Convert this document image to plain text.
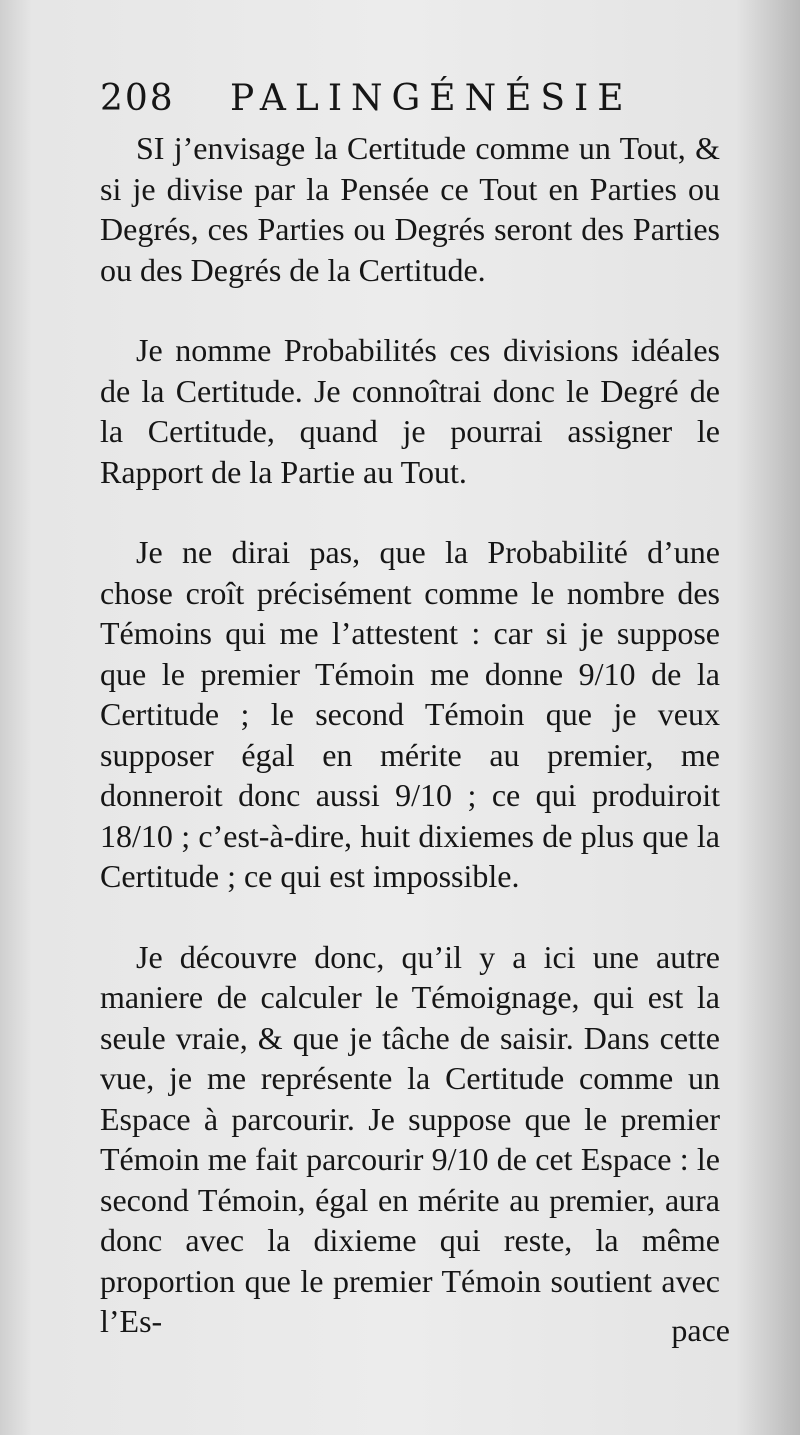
208 PALINGÉNÉSIE

SI j’envisage la Certitude comme un Tout, & si je divise par la Pensée ce Tout en Parties ou Degrés, ces Parties ou Degrés seront des Parties ou des Degrés de la Certitude.

Je nomme Probabilités ces divisions idéales de la Certitude. Je connoîtrai donc le Degré de la Certitude, quand je pourrai assigner le Rapport de la Partie au Tout.

Je ne dirai pas, que la Probabilité d’une chose croît précisément comme le nombre des Témoins qui me l’attestent : car si je suppose que le premier Témoin me donne 9/10 de la Certitude ; le second Témoin que je veux supposer égal en mérite au premier, me donneroit donc aussi 9/10 ; ce qui produiroit 18/10 ; c’est-à-dire, huit dixiemes de plus que la Certitude ; ce qui est impossible.

Je découvre donc, qu’il y a ici une autre maniere de calculer le Témoignage, qui est la seule vraie, & que je tâche de saisir. Dans cette vue, je me représente la Certitude comme un Espace à parcourir. Je suppose que le premier Témoin me fait parcourir 9/10 de cet Espace : le second Témoin, égal en mérite au premier, aura donc avec la dixieme qui reste, la même proportion que le premier Témoin soutient avec l’Es-	pace
